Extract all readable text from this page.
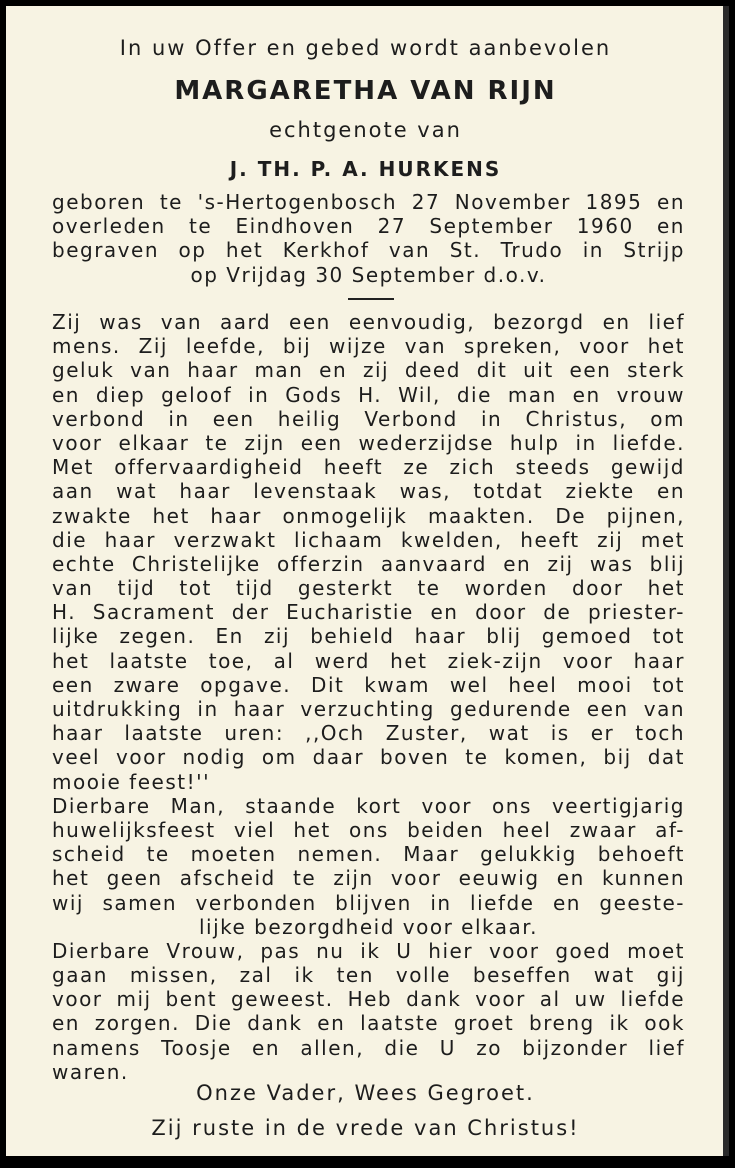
In uw Offer en gebed wordt aanbevolen
MARGARETHA VAN RIJN
echtgenote van
J. TH. P. A. HURKENS
geboren te 's-Hertogenbosch 27 November 1895 en
overleden te Eindhoven 27 September 1960 en
begraven op het Kerkhof van St. Trudo in Strijp
op Vrijdag 30 September d.o.v.
Zij was van aard een eenvoudig, bezorgd en lief
mens. Zij leefde, bij wijze van spreken, voor het
geluk van haar man en zij deed dit uit een sterk
en diep geloof in Gods H. Wil, die man en vrouw
verbond in een heilig Verbond in Christus, om
voor elkaar te zijn een wederzijdse hulp in liefde.
Met offervaardigheid heeft ze zich steeds gewijd
aan wat haar levenstaak was, totdat ziekte en
zwakte het haar onmogelijk maakten. De pijnen,
die haar verzwakt lichaam kwelden, heeft zij met
echte Christelijke offerzin aanvaard en zij was blij
van tijd tot tijd gesterkt te worden door het
H. Sacrament der Eucharistie en door de priester-
lijke zegen. En zij behield haar blij gemoed tot
het laatste toe, al werd het ziek-zijn voor haar
een zware opgave. Dit kwam wel heel mooi tot
uitdrukking in haar verzuchting gedurende een van
haar laatste uren: ,,Och Zuster, wat is er toch
veel voor nodig om daar boven te komen, bij dat
mooie feest!''
Dierbare Man, staande kort voor ons veertigjarig
huwelijksfeest viel het ons beiden heel zwaar af-
scheid te moeten nemen. Maar gelukkig behoeft
het geen afscheid te zijn voor eeuwig en kunnen
wij samen verbonden blijven in liefde en geeste-
lijke bezorgdheid voor elkaar.
Dierbare Vrouw, pas nu ik U hier voor goed moet
gaan missen, zal ik ten volle beseffen wat gij
voor mij bent geweest. Heb dank voor al uw liefde
en zorgen. Die dank en laatste groet breng ik ook
namens Toosje en allen, die U zo bijzonder lief
waren.
Onze Vader, Wees Gegroet.
Zij ruste in de vrede van Christus!
